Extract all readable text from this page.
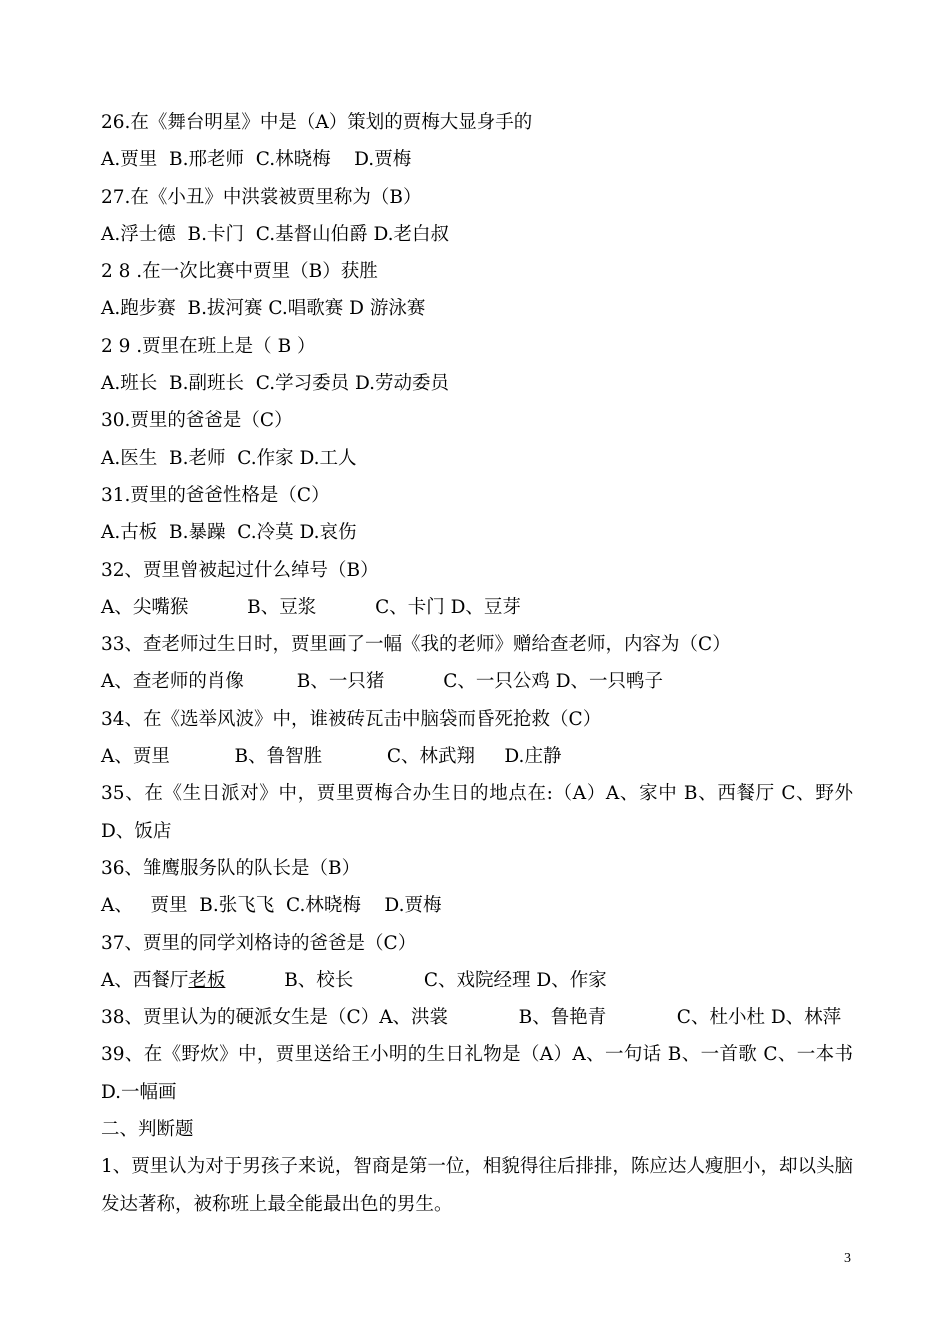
26.在《舞台明星》中是（A）策划的贾梅大显身手的
A.贾里  B.邢老师  C.林晓梅    D.贾梅
27.在《小丑》中洪裳被贾里称为（B）
A.浮士德  B.卡门  C.基督山伯爵 D.老白叔
2 8 .在一次比赛中贾里（B）获胜
A.跑步赛  B.拔河赛 C.唱歌赛 D 游泳赛
2 9 .贾里在班上是（ B ）
A.班长  B.副班长  C.学习委员 D.劳动委员
30.贾里的爸爸是（C）
A.医生  B.老师  C.作家 D.工人
31.贾里的爸爸性格是（C）
A.古板  B.暴躁  C.冷莫 D.哀伤
32、贾里曾被起过什么绰号（B）
A、尖嘴猴          B、豆浆          C、卡门 D、豆芽
33、查老师过生日时，贾里画了一幅《我的老师》赠给查老师，内容为（C）
A、查老师的肖像         B、一只猪          C、一只公鸡 D、一只鸭子
34、在《选举风波》中，谁被砖瓦击中脑袋而昏死抢救（C）
A、贾里           B、鲁智胜           C、林武翔     D.庄静
35、在《生日派对》中，贾里贾梅合办生日的地点在:（A）A、家中 B、西餐厅 C、野外 D、饭店
36、雏鹰服务队的队长是（B）
A、   贾里  B.张飞飞  C.林晓梅    D.贾梅
37、贾里的同学刘格诗的爸爸是（C）
A、西餐厅老板          B、校长            C、戏院经理 D、作家
38、贾里认为的硬派女生是（C）A、洪裳            B、鲁艳青            C、杜小杜 D、林萍
39、在《野炊》中，贾里送给王小明的生日礼物是（A）A、一句话 B、一首歌 C、一本书 D.一幅画
二、判断题
1、贾里认为对于男孩子来说，智商是第一位，相貌得往后排排，陈应达人瘦胆小，却以头脑发达著称，被称班上最全能最出色的男生。
3
